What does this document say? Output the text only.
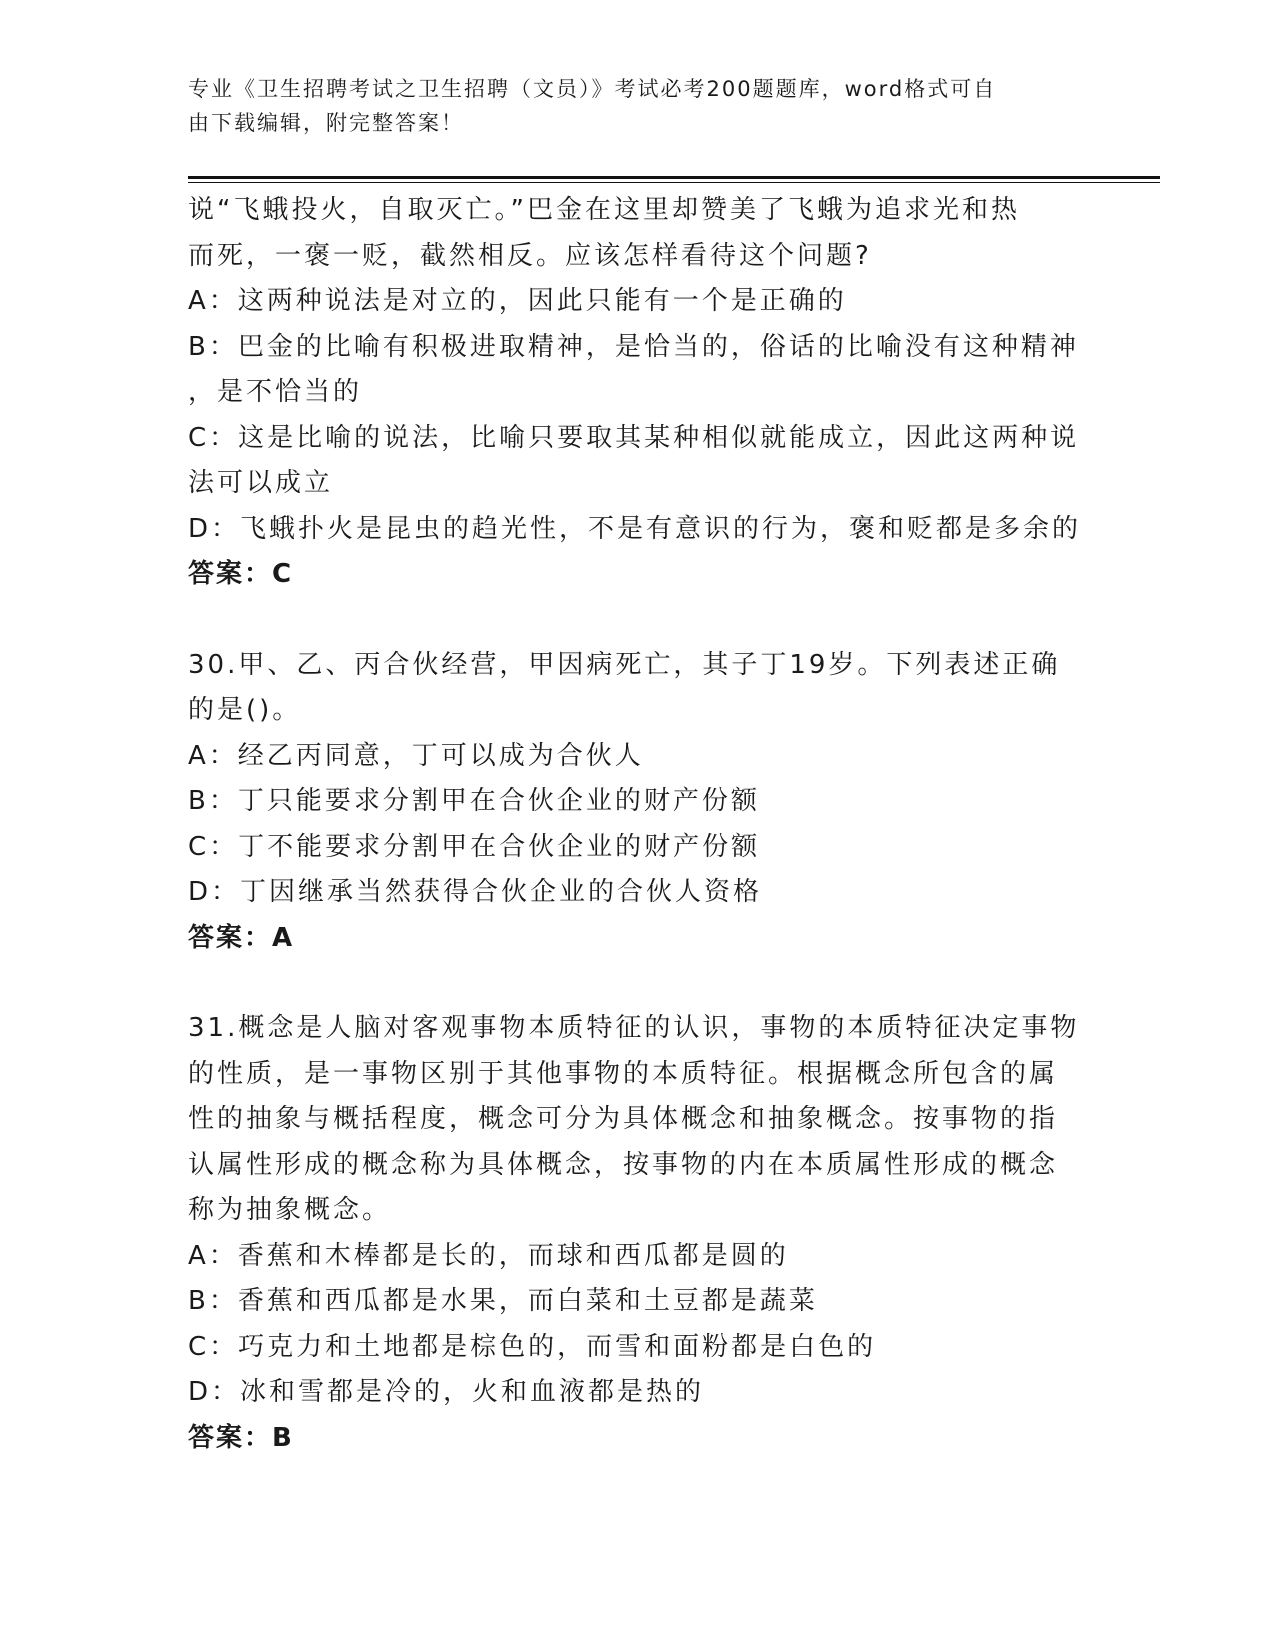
专业《卫生招聘考试之卫生招聘（文员）》考试必考200题题库，word格式可自
由下载编辑，附完整答案！
说“飞蛾投火，自取灭亡。”巴金在这里却赞美了飞蛾为追求光和热
而死，一褒一贬，截然相反。应该怎样看待这个问题?
A：这两种说法是对立的，因此只能有一个是正确的
B：巴金的比喻有积极进取精神，是恰当的，俗话的比喻没有这种精神
，是不恰当的
C：这是比喻的说法，比喻只要取其某种相似就能成立，因此这两种说
法可以成立
D：飞蛾扑火是昆虫的趋光性，不是有意识的行为，褒和贬都是多余的
答案：C
30.甲、乙、丙合伙经营，甲因病死亡，其子丁19岁。下列表述正确
的是()。
A：经乙丙同意，丁可以成为合伙人
B：丁只能要求分割甲在合伙企业的财产份额
C：丁不能要求分割甲在合伙企业的财产份额
D：丁因继承当然获得合伙企业的合伙人资格
答案：A
31.概念是人脑对客观事物本质特征的认识，事物的本质特征决定事物
的性质，是一事物区别于其他事物的本质特征。根据概念所包含的属
性的抽象与概括程度，概念可分为具体概念和抽象概念。按事物的指
认属性形成的概念称为具体概念，按事物的内在本质属性形成的概念
称为抽象概念。
A：香蕉和木棒都是长的，而球和西瓜都是圆的
B：香蕉和西瓜都是水果，而白菜和土豆都是蔬菜
C：巧克力和土地都是棕色的，而雪和面粉都是白色的
D：冰和雪都是冷的，火和血液都是热的
答案：B
